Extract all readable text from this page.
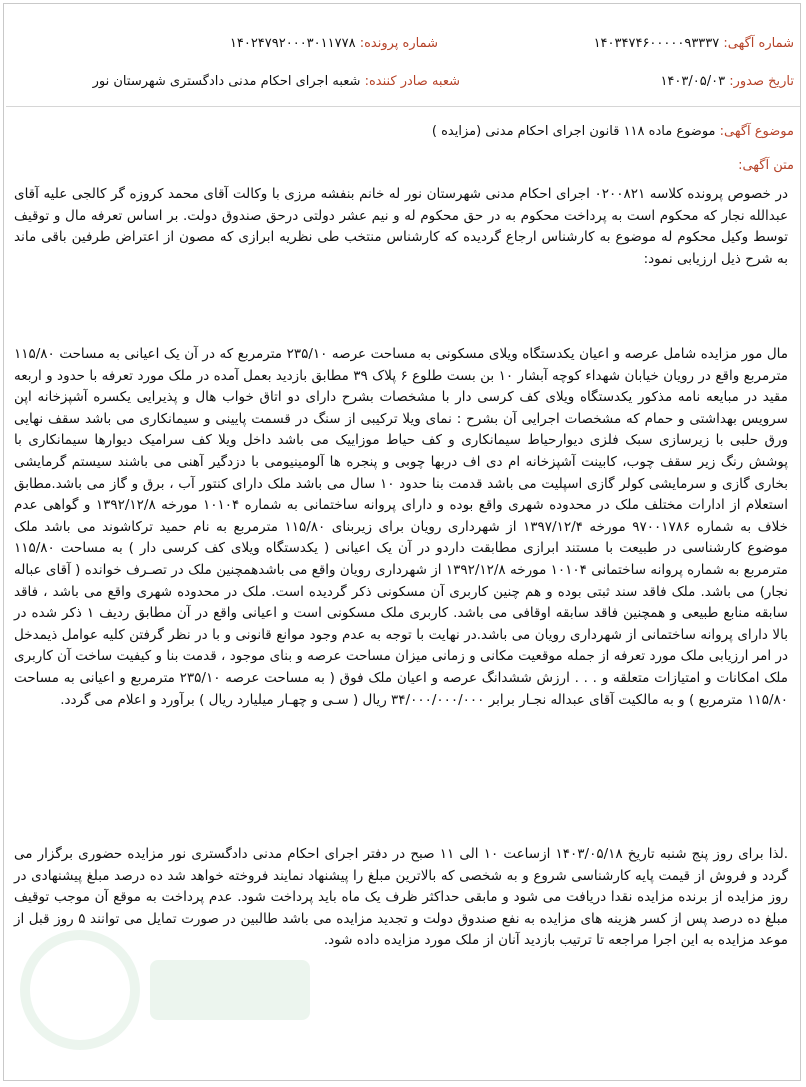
شماره آگهی: ۱۴۰۳۴۷۴۶۰۰۰۰۰۹۳۳۳۷
شماره پرونده: ۱۴۰۲۴۷۹۲۰۰۰۳۰۱۱۷۷۸
تاریخ صدور: ۱۴۰۳/۰۵/۰۳
شعبه صادر کننده: شعبه اجرای احکام مدنی دادگستری شهرستان نور
موضوع آگهی: موضوع ماده ۱۱۸ قانون اجرای احکام مدنی (مزایده )
متن آگهی:

در خصوص پرونده کلاسه ۰۲۰۰۸۲۱ اجرای احکام مدنی شهرستان نور له خانم بنفشه مرزی با وکالت آقای محمد کروزه گر کالجی علیه آقای عبدالله نجار که محکوم است به پرداخت محکوم به در حق محکوم له و نیم عشر دولتی درحق صندوق دولت. بر اساس تعرفه مال و توقیف توسط وکیل محکوم له موضوع به کارشناس ارجاع گردیده که کارشناس منتخب طی نظریه ابرازی که مصون از اعتراض طرفین باقی ماند به شرح ذیل ارزیابی نمود:

مال مور مزایده شامل عرصه و اعیان یکدستگاه ویلای مسکونی به مساحت عرصه ۲۳۵/۱۰ مترمربع که در آن یک اعیانی به مساحت ۱۱۵/۸۰ مترمربع واقع در رویان خیابان شهداء کوچه آبشار ۱۰ بن بست طلوع ۶ پلاک ۳۹ مطابق بازدید بعمل آمده در ملک مورد تعرفه با حدود و اربعه مقید در مبایعه نامه مذکور یکدستگاه ویلای کف کرسی دار با مشخصات بشرح دارای دو اتاق خواب هال و پذیرایی یکسره آشپزخانه اپن سرویس بهداشتی و حمام که مشخصات اجرایی آن بشرح : نمای ویلا ترکیبی از سنگ در قسمت پایینی و سیمانکاری می باشد سقف نهایی ورق حلبی با زیرسازی سبک فلزی دیوارحیاط سیمانکاری و کف حیاط موزاییک می باشد داخل ویلا کف سرامیک دیوارها سیمانکاری با پوشش رنگ زیر سقف چوب، کابینت آشپزخانه ام دی اف دربها چوبی و پنجره ها آلومینیومی با دزدگیر آهنی می باشند سیستم گرمایشی بخاری گازی و سرمایشی کولر گازی اسپلیت می باشد قدمت بنا حدود ۱۰ سال می باشد ملک دارای کنتور آب ، برق و گاز می باشد.مطابق استعلام از ادارات مختلف ملک در محدوده شهری واقع بوده و دارای پروانه ساختمانی به شماره ۱۰۱۰۴ مورخه ۱۳۹۲/۱۲/۸ و گواهی عدم خلاف به شماره ۹۷۰۰۱۷۸۶ مورخه ۱۳۹۷/۱۲/۴ از شهرداری رویان برای زیربنای ۱۱۵/۸۰ مترمربع به نام حمید ترکاشوند می باشد ملک موضوع کارشناسی در طبیعت با مستند ابرازی مطابقت داردو در آن یک اعیانی ( یکدستگاه ویلای کف کرسی دار ) به مساحت ۱۱۵/۸۰ مترمربع به شماره پروانه ساختمانی ۱۰۱۰۴ مورخه ۱۳۹۲/۱۲/۸ از شهرداری رویان واقع می باشدهمچنین ملک در تصـرف خوانده ( آقای عباله نجار) می باشد. ملک فاقد سند ثبتی بوده و هم چنین کاربری آن مسکونی ذکر گردیده است. ملک در محدوده شهری واقع می باشد ، فاقد سابقه منابع طبیعی و همچنین فاقد سابقه اوقافی می باشد. کاربری ملک مسکونی است و اعیانی واقع در آن مطابق ردیف ۱ ذکر شده در بالا دارای پروانه ساختمانی از شهرداری رویان می باشد.در نهایت با توجه به عدم وجود موانع قانونی و با در نظر گرفتن کلیه عوامل ذیمدخل در امر ارزیابی ملک مورد تعرفه از جمله موقعیت مکانی و زمانی میزان مساحت عرصه و بنای موجود ، قدمت بنا و کیفیت ساخت آن کاربری ملک امکانات و امتیازات متعلقه و . . . ارزش ششدانگ عرصه و اعیان ملک فوق ( به مساحت عرصه ۲۳۵/۱۰ مترمربع و اعیانی به مساحت ۱۱۵/۸۰ مترمربع ) و به مالکیت آقای عبداله نجـار برابر ۳۴/۰۰۰/۰۰۰/۰۰۰ ریال ( سـی و چهـار میلیارد ریال ) برآورد و اعلام می گردد.

.لذا برای روز پنج شنبه تاریخ ۱۴۰۳/۰۵/۱۸ ازساعت ۱۰ الی ۱۱ صبح در دفتر اجرای احکام مدنی دادگستری نور مزایده حضوری برگزار می گردد و فروش از قیمت پایه کارشناسی شروع و به شخصی که بالاترین مبلغ را پیشنهاد نمایند فروخته خواهد شد ده درصد مبلغ پیشنهادی در روز مزایده از برنده مزایده نقدا دریافت می شود و مابقی حداکثر ظرف یک ماه باید پرداخت شود. عدم پرداخت به موقع آن موجب توقیف مبلغ ده درصد پس از کسر هزینه های مزایده به نفع صندوق دولت و تجدید مزایده می باشد طالبین در صورت تمایل می توانند ۵ روز قبل از موعد مزایده به این اجرا مراجعه تا ترتیب بازدید آنان از ملک مورد مزایده داده شود.
